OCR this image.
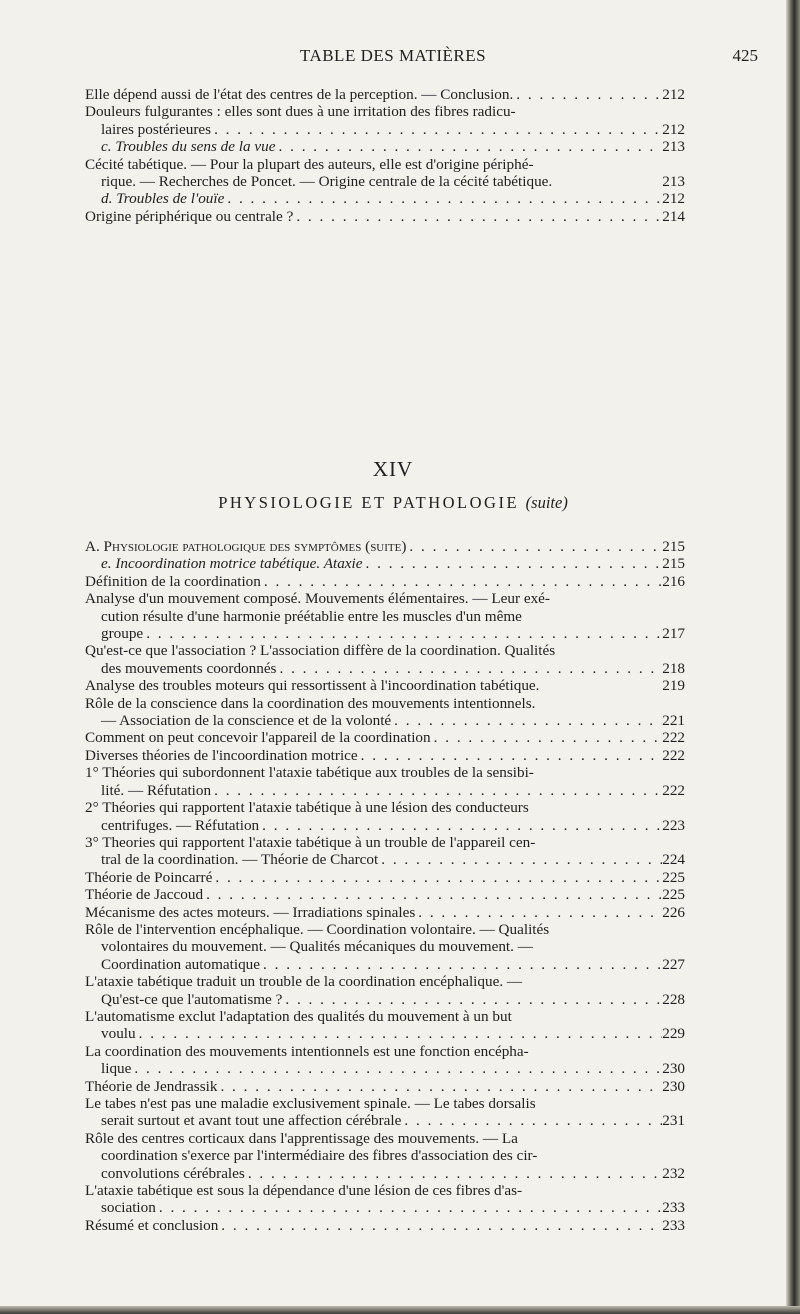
TABLE DES MATIÈRES	425
Elle dépend aussi de l'état des centres de la perception. — Conclusion. . . .	212
Douleurs fulgurantes : elles sont dues à une irritation des fibres radicu-
laires postérieures . . .	212
c. Troubles du sens de la vue . . .	213
Cécité tabétique. — Pour la plupart des auteurs, elle est d'origine périphé-
rique. — Recherches de Poncet. — Origine centrale de la cécité tabétique.	213
d. Troubles de l'ouïe . . .	212
Origine périphérique ou centrale ? . . .	214
XIV
PHYSIOLOGIE ET PATHOLOGIE (suite)
A. Physiologie pathologique des symptômes (suite) . . .	215
e. Incoordination motrice tabétique. Ataxie . . .	215
Définition de la coordination . . .	216
Analyse d'un mouvement composé. Mouvements élémentaires. — Leur exé-
cution résulte d'une harmonie préétablie entre les muscles d'un même
groupe . . .	217
Qu'est-ce que l'association ? L'association diffère de la coordination. Qualités
des mouvements coordonnés . . .	218
Analyse des troubles moteurs qui ressortissent à l'incoordination tabétique.	219
Rôle de la conscience dans la coordination des mouvements intentionnels.
— Association de la conscience et de la volonté . . .	221
Comment on peut concevoir l'appareil de la coordination . . .	222
Diverses théories de l'incoordination motrice . . .	222
1° Théories qui subordonnent l'ataxie tabétique aux troubles de la sensibi-
lité. — Réfutation . . .	222
2° Théories qui rapportent l'ataxie tabétique à une lésion des conducteurs
centrifuges. — Réfutation . . .	223
3° Theories qui rapportent l'ataxie tabétique à un trouble de l'appareil cen-
tral de la coordination. — Théorie de Charcot . . .	224
Théorie de Poincarré . . .	225
Théorie de Jaccoud . . .	225
Mécanisme des actes moteurs. — Irradiations spinales . . .	226
Rôle de l'intervention encéphalique. — Coordination volontaire. — Qualités
volontaires du mouvement. — Qualités mécaniques du mouvement. —
Coordination automatique . . .	227
L'ataxie tabétique traduit un trouble de la coordination encéphalique. —
Qu'est-ce que l'automatisme ? . . .	228
L'automatisme exclut l'adaptation des qualités du mouvement à un but
voulu . . .	229
La coordination des mouvements intentionnels est une fonction encépha-
lique . . .	230
Théorie de Jendrassik . . .	230
Le tabes n'est pas une maladie exclusivement spinale. — Le tabes dorsalis
serait surtout et avant tout une affection cérébrale . . .	231
Rôle des centres corticaux dans l'apprentissage des mouvements. — La
coordination s'exerce par l'intermédiaire des fibres d'association des cir-
convolutions cérébrales . . .	232
L'ataxie tabétique est sous la dépendance d'une lésion de ces fibres d'as-
sociation . . .	233
Résumé et conclusion . . .	233
